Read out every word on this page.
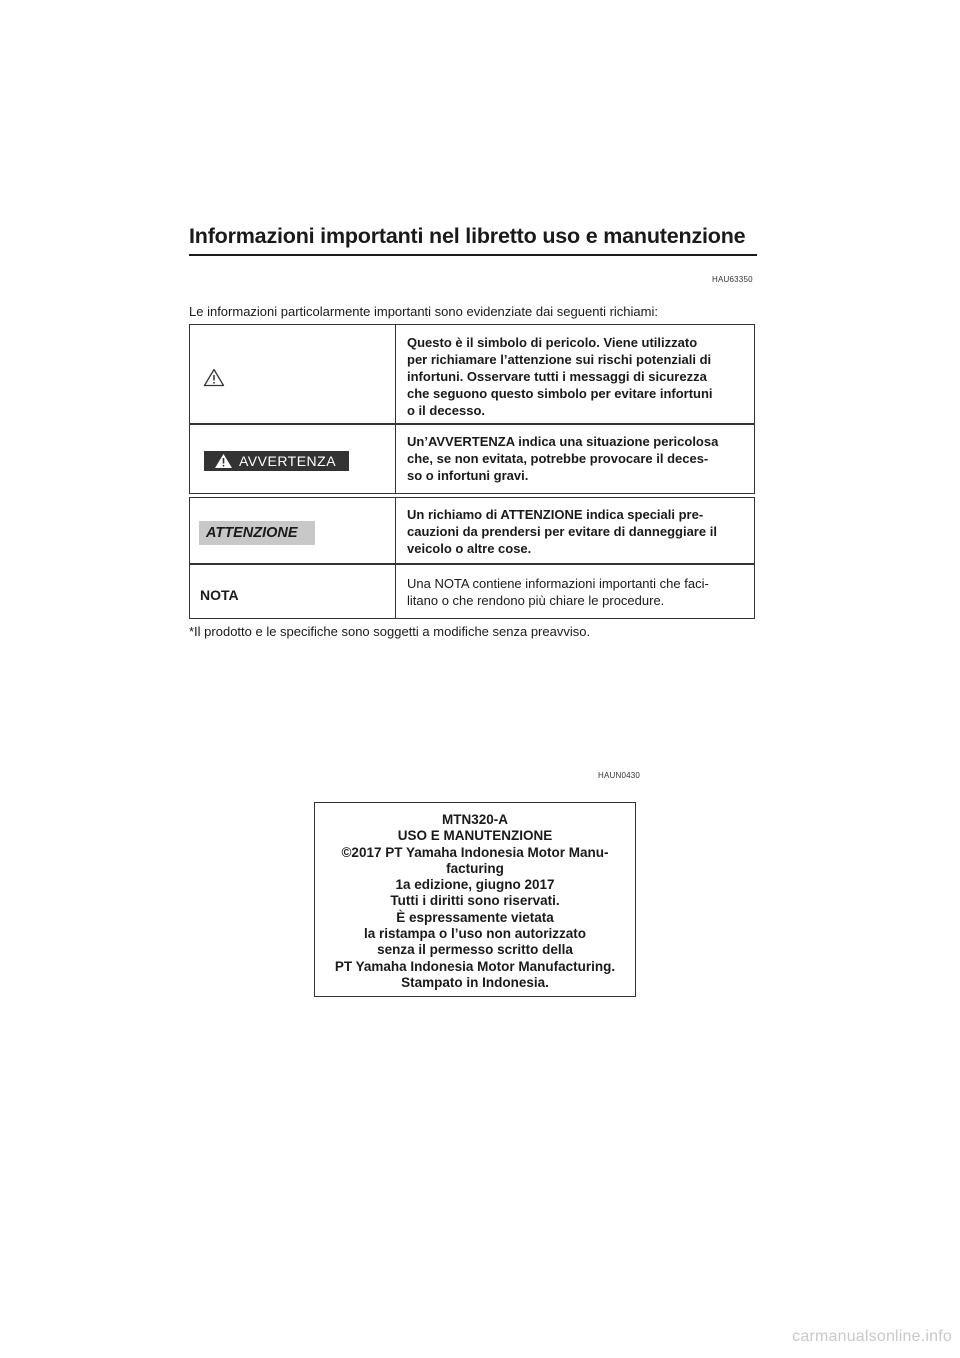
Informazioni importanti nel libretto uso e manutenzione
HAU63350
Le informazioni particolarmente importanti sono evidenziate dai seguenti richiami:
Questo è il simbolo di pericolo. Viene utilizzato
per richiamare l’attenzione sui rischi potenziali di
infortuni. Osservare tutti i messaggi di sicurezza
che seguono questo simbolo per evitare infortuni
o il decesso.
AVVERTENZA
Un’AVVERTENZA indica una situazione pericolosa
che, se non evitata, potrebbe provocare il deces-
so o infortuni gravi.
ATTENZIONE
Un richiamo di ATTENZIONE indica speciali pre-
cauzioni da prendersi per evitare di danneggiare il
veicolo o altre cose.
NOTA
Una NOTA contiene informazioni importanti che faci-
litano o che rendono più chiare le procedure.
*Il prodotto e le specifiche sono soggetti a modifiche senza preavviso.
HAUN0430
MTN320-A
USO E MANUTENZIONE
©2017 PT Yamaha Indonesia Motor Manu-
facturing
1a edizione, giugno 2017
Tutti i diritti sono riservati.
È espressamente vietata
la ristampa o l’uso non autorizzato
senza il permesso scritto della
PT Yamaha Indonesia Motor Manufacturing.
Stampato in Indonesia.
carmanualsonline.info
